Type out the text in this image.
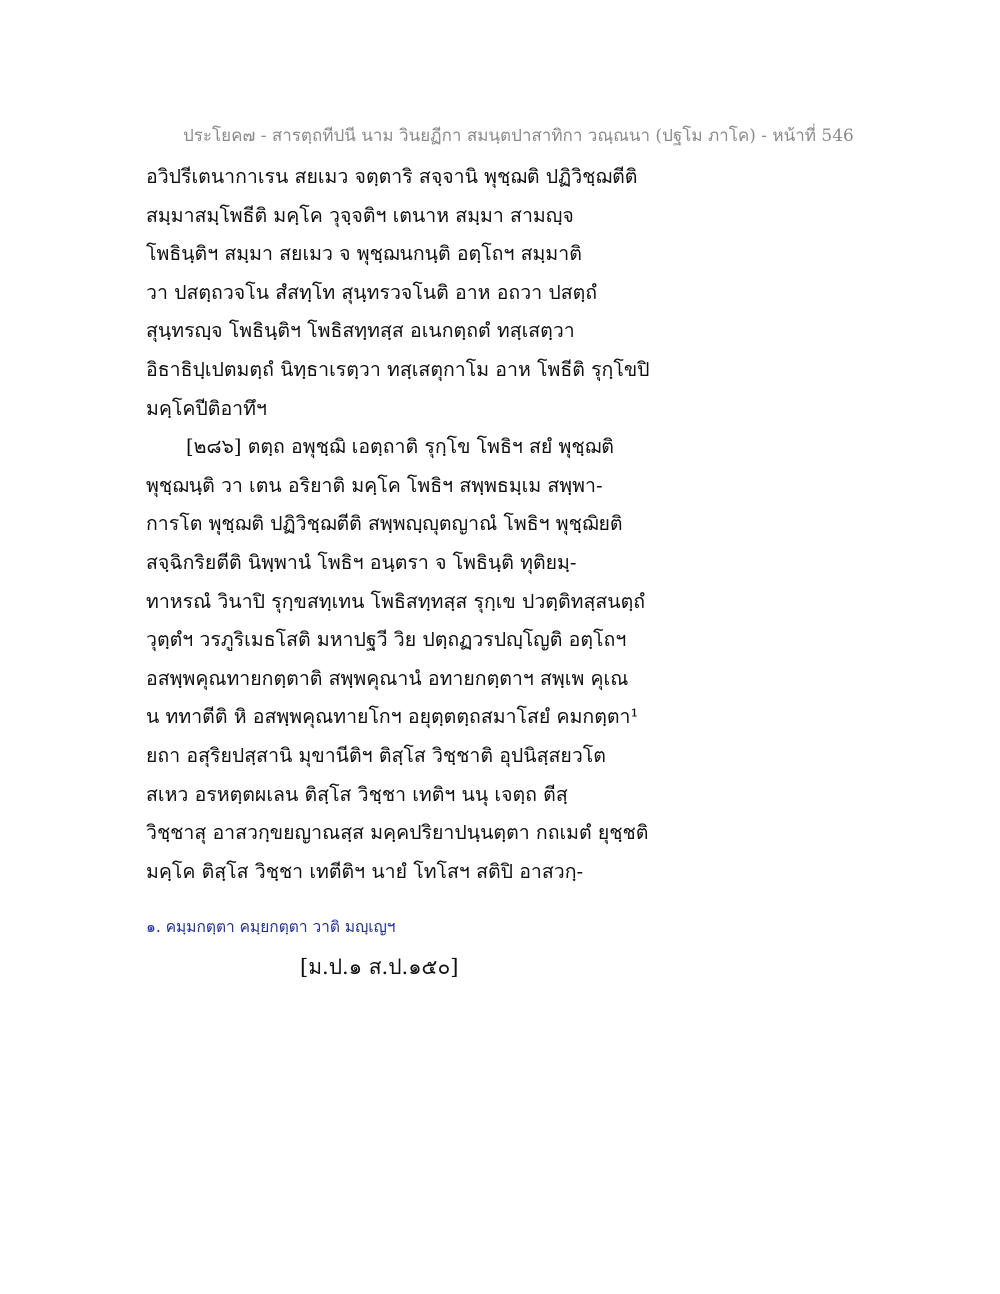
ประโยค๗ - สารตฺถทีปนี นาม วินยฏีกา สมนฺตปาสาทิกา วณฺณนา (ปฐโม ภาโค) - หน้าที่ 546
อวิปรีเตนากาเรน สยเมว จตฺตาริ สจฺจานิ พุชฺฌติ ปฏิวิชฺฌตีติ
สมฺมาสมฺโพธีติ มคฺโค วุจฺจติฯ เตนาห สมฺมา สามญฺจ
โพธินฺติฯ สมฺมา สยเมว จ พุชฺฌนกนฺติ อตฺโถฯ สมฺมาติ
วา ปสตฺถวจโน สํสทฺโท สุนฺทรวจโนติ อาห อถวา ปสตฺถํ
สุนฺทรญฺจ โพธินฺติฯ โพธิสทฺทสฺส อเนกตฺถตํ ทสฺเสตฺวา
อิธาธิปฺเปตมตฺถํ นิทฺธาเรตฺวา ทสฺเสตุกาโม อาห โพธีติ รุกฺโขปิ
มคฺโคปีติอาทึฯ
[๒๘๖] ตตฺถ อพุชฺฌิ เอตฺถาติ รุกฺโข โพธิฯ สยํ พุชฺฌติ
พุชฺฌนฺติ วา เตน อริยาติ มคฺโค โพธิฯ สพฺพธมฺเม สพฺพา-
การโต พุชฺฌติ ปฏิวิชฺฌตีติ สพฺพญฺญุตญาณํ โพธิฯ พุชฺฌิยติ
สจฺฉิกริยตีติ นิพฺพานํ โพธิฯ อนฺตรา จ โพธินฺติ ทุติยมฺ-
ทาหรณํ วินาปิ รุกฺขสทฺเทน โพธิสทฺทสฺส รุกฺเข ปวตฺติทสฺสนตฺถํ
วุตฺตํฯ วรภูริเมธโสติ มหาปฐวี วิย ปตฺถฏวรปญฺโญติ อตฺโถฯ
อสพฺพคุณทายกตฺตาติ สพฺพคุณานํ อทายกตฺตาฯ สพฺเพ คุเณ
น ททาตีติ หิ อสพฺพคุณทายโกฯ อยุตฺตตฺถสมาโสยํ คมกตฺตา¹
ยถา อสุริยปสฺสานิ มุขานีติฯ ติสฺโส วิชฺชาติ อุปนิสฺสยวโต
สเหว อรหตฺตผเลน ติสฺโส วิชฺชา เทติฯ นนุ เจตฺถ ตีสฺ
วิชฺชาสุ อาสวกฺขยญาณสฺส มคฺคปริยาปนฺนตฺตา กถเมตํ ยุชฺชติ
มคฺโค ติสฺโส วิชฺชา เทตีติฯ นายํ โทโสฯ สติปิ อาสวกฺ-
๑. คมฺมกตฺตา คมฺยกตฺตา วาติ มญฺเญฯ
[ม.ป.๑ ส.ป.๑๕๐]
